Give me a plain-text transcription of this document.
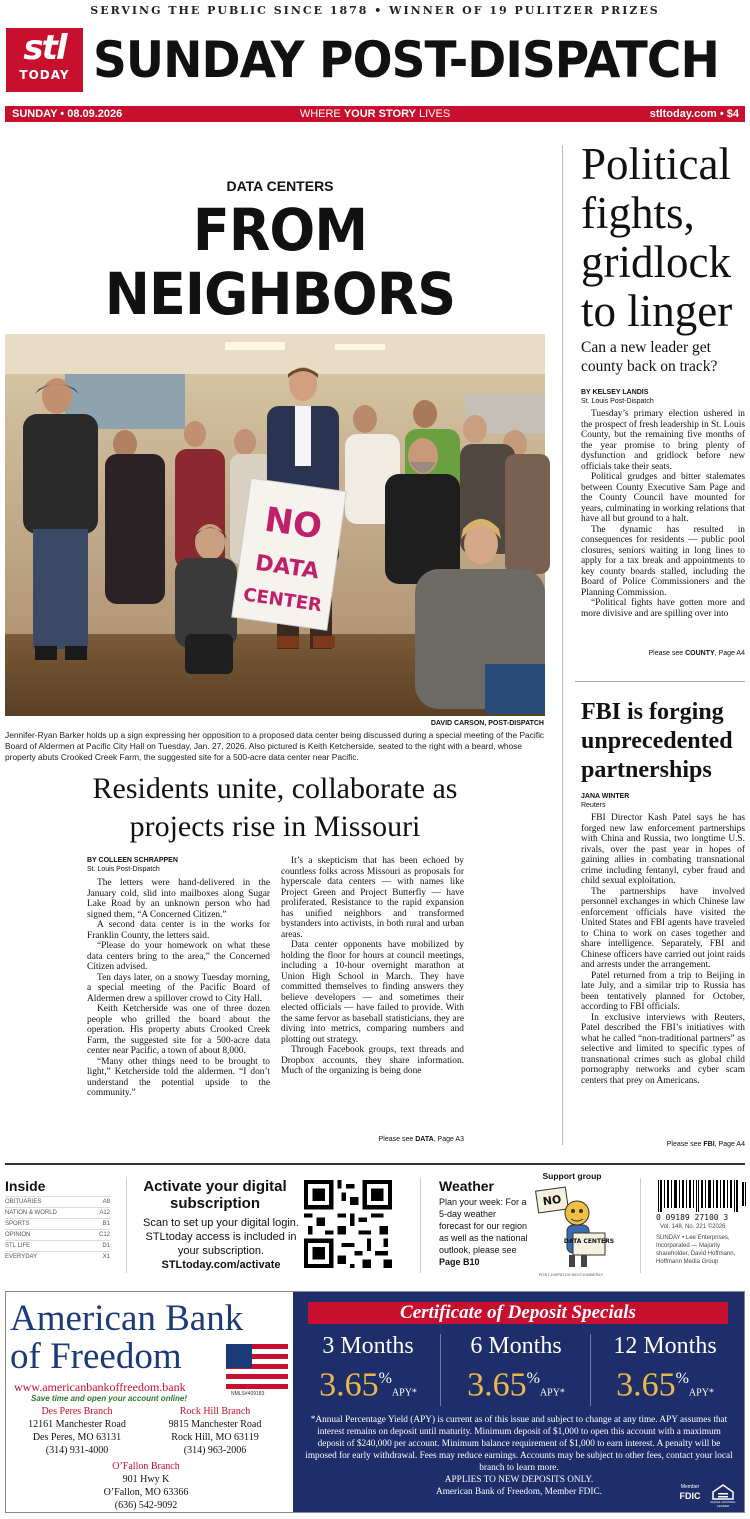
SERVING THE PUBLIC SINCE 1878 • WINNER OF 19 PULITZER PRIZES
stl
TODAY SUNDAY POST-DISPATCH
SUNDAY • 08.09.2026	WHERE YOUR STORY LIVES	stltoday.com • $4
DATA CENTERS
FROM NEIGHBORS
NO
DATA
CENTER
DAVID CARSON, POST-DISPATCH
Jennifer-Ryan Barker holds up a sign expressing her opposition to a proposed data center being discussed during a special meeting of the Pacific Board of Aldermen at Pacific City Hall on Tuesday, Jan. 27, 2026. Also pictured is Keith Ketcherside, seated to the right with a beard, whose property abuts Crooked Creek Farm, the suggested site for a 500-acre data center near Pacific.
Residents unite, collaborate as projects rise in Missouri
BY COLLEEN SCHRAPPEN
St. Louis Post-Dispatch

The letters were hand-delivered in the January cold, slid into mailboxes along Sugar Lake Road by an unknown person who had signed them, “A Concerned Citizen.”

A second data center is in the works for Franklin County, the letters said.

“Please do your homework on what these data centers bring to the area,” the Concerned Citizen advised.

Ten days later, on a snowy Tuesday morning, a special meeting of the Pacific Board of Aldermen drew a spillover crowd to City Hall.

Keith Ketcherside was one of three dozen people who grilled the board about the operation. His property abuts Crooked Creek Farm, the suggested site for a 500-acre data center near Pacific, a town of about 8,000.

“Many other things need to be brought to light,” Ketcherside told the aldermen. “I don’t understand the potential upside to the community.”

It’s a skepticism that has been echoed by countless folks across Missouri as proposals for hyperscale data centers — with names like Project Green and Project Butterfly — have proliferated. Resistance to the rapid expansion has unified neighbors and transformed bystanders into activists, in both rural and urban areas.

Data center opponents have mobilized by holding the floor for hours at council meetings, including a 10-hour overnight marathon at Union High School in March. They have committed themselves to finding answers they believe developers — and sometimes their elected officials — have failed to provide. With the same fervor as baseball statisticians, they are diving into metrics, comparing numbers and plotting out strategy.

Through Facebook groups, text threads and Dropbox accounts, they share information. Much of the organizing is being done

Please see DATA, Page A3
Political fights, gridlock to linger
Can a new leader get county back on track?
BY KELSEY LANDIS
St. Louis Post-Dispatch

Tuesday’s primary election ushered in the prospect of fresh leadership in St. Louis County, but the remaining five months of the year promise to bring plenty of dysfunction and gridlock before new officials take their seats.

Political grudges and bitter stalemates between County Executive Sam Page and the County Council have mounted for years, culminating in working relations that have all but ground to a halt.

The dynamic has resulted in consequences for residents — public pool closures, seniors waiting in long lines to apply for a tax break and appointments to key county boards stalled, including the Board of Police Commissioners and the Planning Commission.

“Political fights have gotten more and more divisive and are spilling over into

Please see COUNTY, Page A4
FBI is forging unprecedented partnerships
JANA WINTER
Reuters

FBI Director Kash Patel says he has forged new law enforcement partnerships with China and Russia, two longtime U.S. rivals, over the past year in hopes of gaining allies in combating transnational crime including fentanyl, cyber fraud and child sexual exploitation.

The partnerships have involved personnel exchanges in which Chinese law enforcement officials have visited the United States and FBI agents have traveled to China to work on cases together and share intelligence. Separately, FBI and Chinese officers have carried out joint raids and arrests under the arrangement.

Patel returned from a trip to Beijing in late July, and a similar trip to Russia has been tentatively planned for October, according to FBI officials.

In exclusive interviews with Reuters, Patel described the FBI’s initiatives with what he called “non-traditional partners” as selective and limited to specific types of transnational crimes such as global child pornography networks and cyber scam centers that prey on Americans.

Please see FBI, Page A4
Inside
OBITUARIES	A8
NATION & WORLD	A12
SPORTS	B1
OPINION	C12
STL LIFE	D1
EVERYDAY	X1
Activate your digital subscription
Scan to set up your digital login. STLtoday access is included in your subscription.
STLtoday.com/activate
Weather
Plan your week: For a 5-day weather forecast for our region as well as the national outlook, please see Page B10
Support group
NO
DATA CENTERS
POST-DISPATCH NEXT-KIMBERLY
0 09189 27100 3
Vol. 148, No. 221 ©2026
SUNDAY • Lee Enterprises, Incorporated — Majority shareholder, David Hoffmann, Hoffmann Media Group
American Bank
of Freedom
www.americanbankoffreedom.bank
Save time and open your account online!	NMLS#409183
Des Peres Branch
12161 Manchester Road
Des Peres, MO 63131
(314) 931-4000
Rock Hill Branch
9815 Manchester Road
Rock Hill, MO 63119
(314) 963-2006
O’Fallon Branch
901 Hwy K
O’Fallon, MO 63366
(636) 542-9092
Certificate of Deposit Specials
3 Months
3.65%APY*
6 Months
3.65%APY*
12 Months
3.65%APY*
*Annual Percentage Yield (APY) is current as of this issue and subject to change at any time. APY assumes that interest remains on deposit until maturity. Minimum deposit of $1,000 to open this account with a maximum deposit of $240,000 per account. Minimum balance requirement of $1,000 to earn interest. A penalty will be imposed for early withdrawal. Fees may reduce earnings. Accounts may be subject to other fees, contact your local branch to learn more.
APPLIES TO NEW DEPOSITS ONLY.
American Bank of Freedom, Member FDIC.	Member
FDIC
EQUAL HOUSING LENDER
